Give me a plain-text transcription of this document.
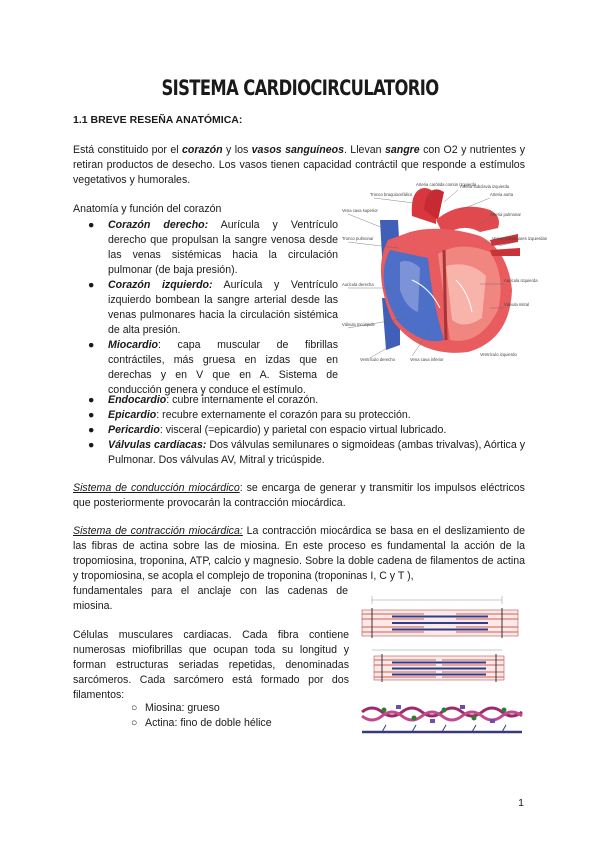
SISTEMA CARDIOCIRCULATORIO
1.1 BREVE RESEÑA ANATÓMICA:
Está constituido por el corazón y los vasos sanguíneos. Llevan sangre con O2 y nutrientes y retiran productos de desecho. Los vasos tienen capacidad contráctil que responde a estímulos vegetativos y humorales.
Anatomía y función del corazón
● Corazón derecho: Aurícula y Ventrículo derecho que propulsan la sangre venosa desde las venas sistémicas hacia la circulación pulmonar (de baja presión).
● Corazón izquierdo: Aurícula y Ventrículo izquierdo bombean la sangre arterial desde las venas pulmonares hacia la circulación sistémica de alta presión.
● Miocardio: capa muscular de fibrillas contráctiles, más gruesa en izdas que en derechas y en V que en A. Sistema de conducción genera y conduce el estímulo.
● Endocardio: cubre internamente el corazón.
● Epicardio: recubre externamente el corazón para su protección.
● Pericardio: visceral (=epicardio) y parietal con espacio virtual lubricado.
● Válvulas cardíacas: Dos válvulas semilunares o sigmoideas (ambas trivalvas), Aórtica y Pulmonar. Dos válvulas AV, Mitral y tricúspide.
Tronco braquiocefálico
Arteria carótida común izquierda
Arteria subclavia izquierda
Arteria aorta
Arteria pulmonar
Venas pulmonares izquierdas
Aurícula izquierda
Válvula mitral
Ventrículo izquierdo
Vena cava superior
Tronco pulmonar
Aurícula derecha
Válvula tricúspide
Ventrículo derecho	Vena cava inferior
Sistema de conducción miocárdico: se encarga de generar y transmitir los impulsos eléctricos que posteriormente provocarán la contracción miocárdica.
Sistema de contracción miocárdica: La contracción miocárdica se basa en el deslizamiento de las fibras de actina sobre las de miosina. En este proceso es fundamental la acción de la tropomiosina, troponina, ATP, calcio y magnesio. Sobre la doble cadena de filamentos de actina y tropomiosina, se acopla el complejo de troponina (troponinas I, C y T ),
fundamentales para el anclaje con las cadenas de miosina.
Células musculares cardiacas. Cada fibra contiene numerosas miofibrillas que ocupan toda su longitud y forman estructuras seriadas repetidas, denominadas sarcómeros. Cada sarcómero está formado por dos filamentos:
○ Miosina: grueso
○ Actina: fino de doble hélice
1
